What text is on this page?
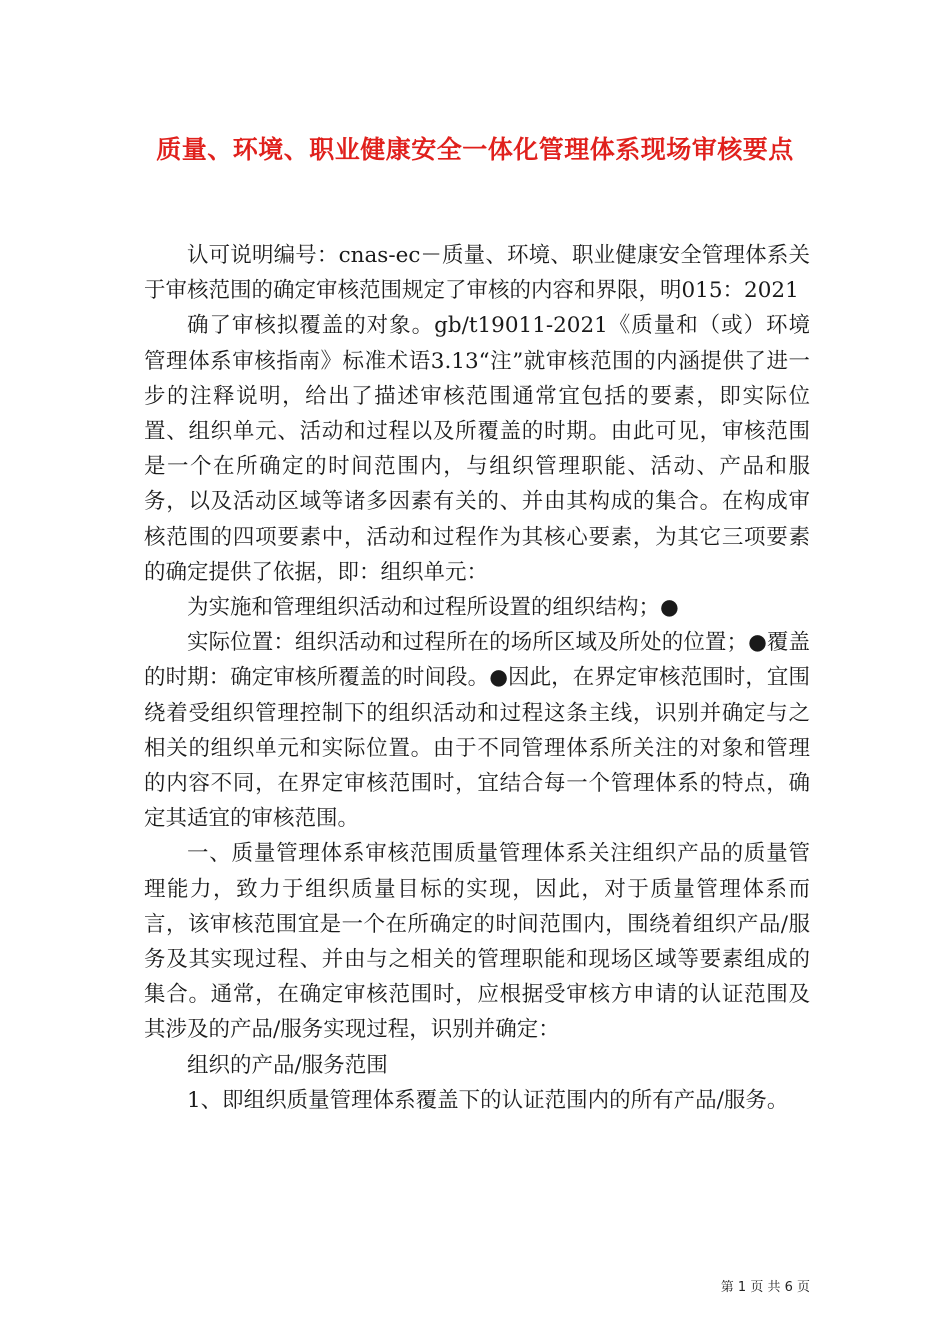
质量、环境、职业健康安全一体化管理体系现场审核要点

认可说明编号：cnas-ec－质量、环境、职业健康安全管理体系关于审核范围的确定审核范围规定了审核的内容和界限，明015：2021

确了审核拟覆盖的对象。gb/t19011-2021《质量和（或）环境管理体系审核指南》标准术语3.13“注”就审核范围的内涵提供了进一步的注释说明，给出了描述审核范围通常宜包括的要素，即实际位置、组织单元、活动和过程以及所覆盖的时期。由此可见，审核范围是一个在所确定的时间范围内，与组织管理职能、活动、产品和服务，以及活动区域等诸多因素有关的、并由其构成的集合。在构成审核范围的四项要素中，活动和过程作为其核心要素，为其它三项要素的确定提供了依据，即：组织单元：

为实施和管理组织活动和过程所设置的组织结构；●

实际位置：组织活动和过程所在的场所区域及所处的位置；●覆盖的时期：确定审核所覆盖的时间段。●因此，在界定审核范围时，宜围绕着受组织管理控制下的组织活动和过程这条主线，识别并确定与之相关的组织单元和实际位置。由于不同管理体系所关注的对象和管理的内容不同，在界定审核范围时，宜结合每一个管理体系的特点，确定其适宜的审核范围。

一、质量管理体系审核范围质量管理体系关注组织产品的质量管理能力，致力于组织质量目标的实现，因此，对于质量管理体系而言，该审核范围宜是一个在所确定的时间范围内，围绕着组织产品/服务及其实现过程、并由与之相关的管理职能和现场区域等要素组成的集合。通常，在确定审核范围时，应根据受审核方申请的认证范围及其涉及的产品/服务实现过程，识别并确定：

组织的产品/服务范围

1、即组织质量管理体系覆盖下的认证范围内的所有产品/服务。

第 1 页 共 6 页
